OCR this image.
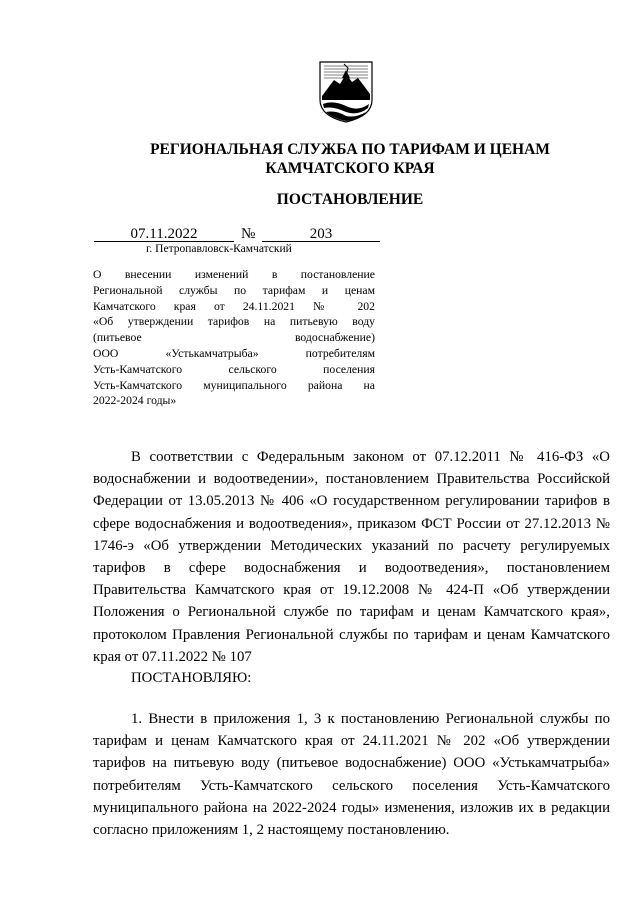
РЕГИОНАЛЬНАЯ СЛУЖБА ПО ТАРИФАМ И ЦЕНАМ
КАМЧАТСКОГО КРАЯ
ПОСТАНОВЛЕНИЕ
07.11.2022	№	203
г. Петропавловск-Камчатский
О внесении изменений в постановление
Региональной службы по тарифам и ценам
Камчатского края от 24.11.2021 № 202
«Об утверждении тарифов на питьевую воду
(питьевое водоснабжение)
ООО «Устькамчатрыба» потребителям
Усть-Камчатского сельского поселения
Усть-Камчатского муниципального района на
2022-2024 годы»

В соответствии с Федеральным законом от 07.12.2011 № 416-ФЗ «О водоснабжении и водоотведении», постановлением Правительства Российской Федерации от 13.05.2013 № 406 «О государственном регулировании тарифов в сфере водоснабжения и водоотведения», приказом ФСТ России от 27.12.2013 № 1746-э «Об утверждении Методических указаний по расчету регулируемых тарифов в сфере водоснабжения и водоотведения», постановлением Правительства Камчатского края от 19.12.2008 № 424-П «Об утверждении Положения о Региональной службе по тарифам и ценам Камчатского края», протоколом Правления Региональной службы по тарифам и ценам Камчатского края от 07.11.2022 № 107

ПОСТАНОВЛЯЮ:

1. Внести в приложения 1, 3 к постановлению Региональной службы по тарифам и ценам Камчатского края от 24.11.2021 № 202 «Об утверждении тарифов на питьевую воду (питьевое водоснабжение) ООО «Устькамчатрыба» потребителям Усть-Камчатского сельского поселения Усть-Камчатского муниципального района на 2022-2024 годы» изменения, изложив их в редакции согласно приложениям 1, 2 настоящему постановлению.
